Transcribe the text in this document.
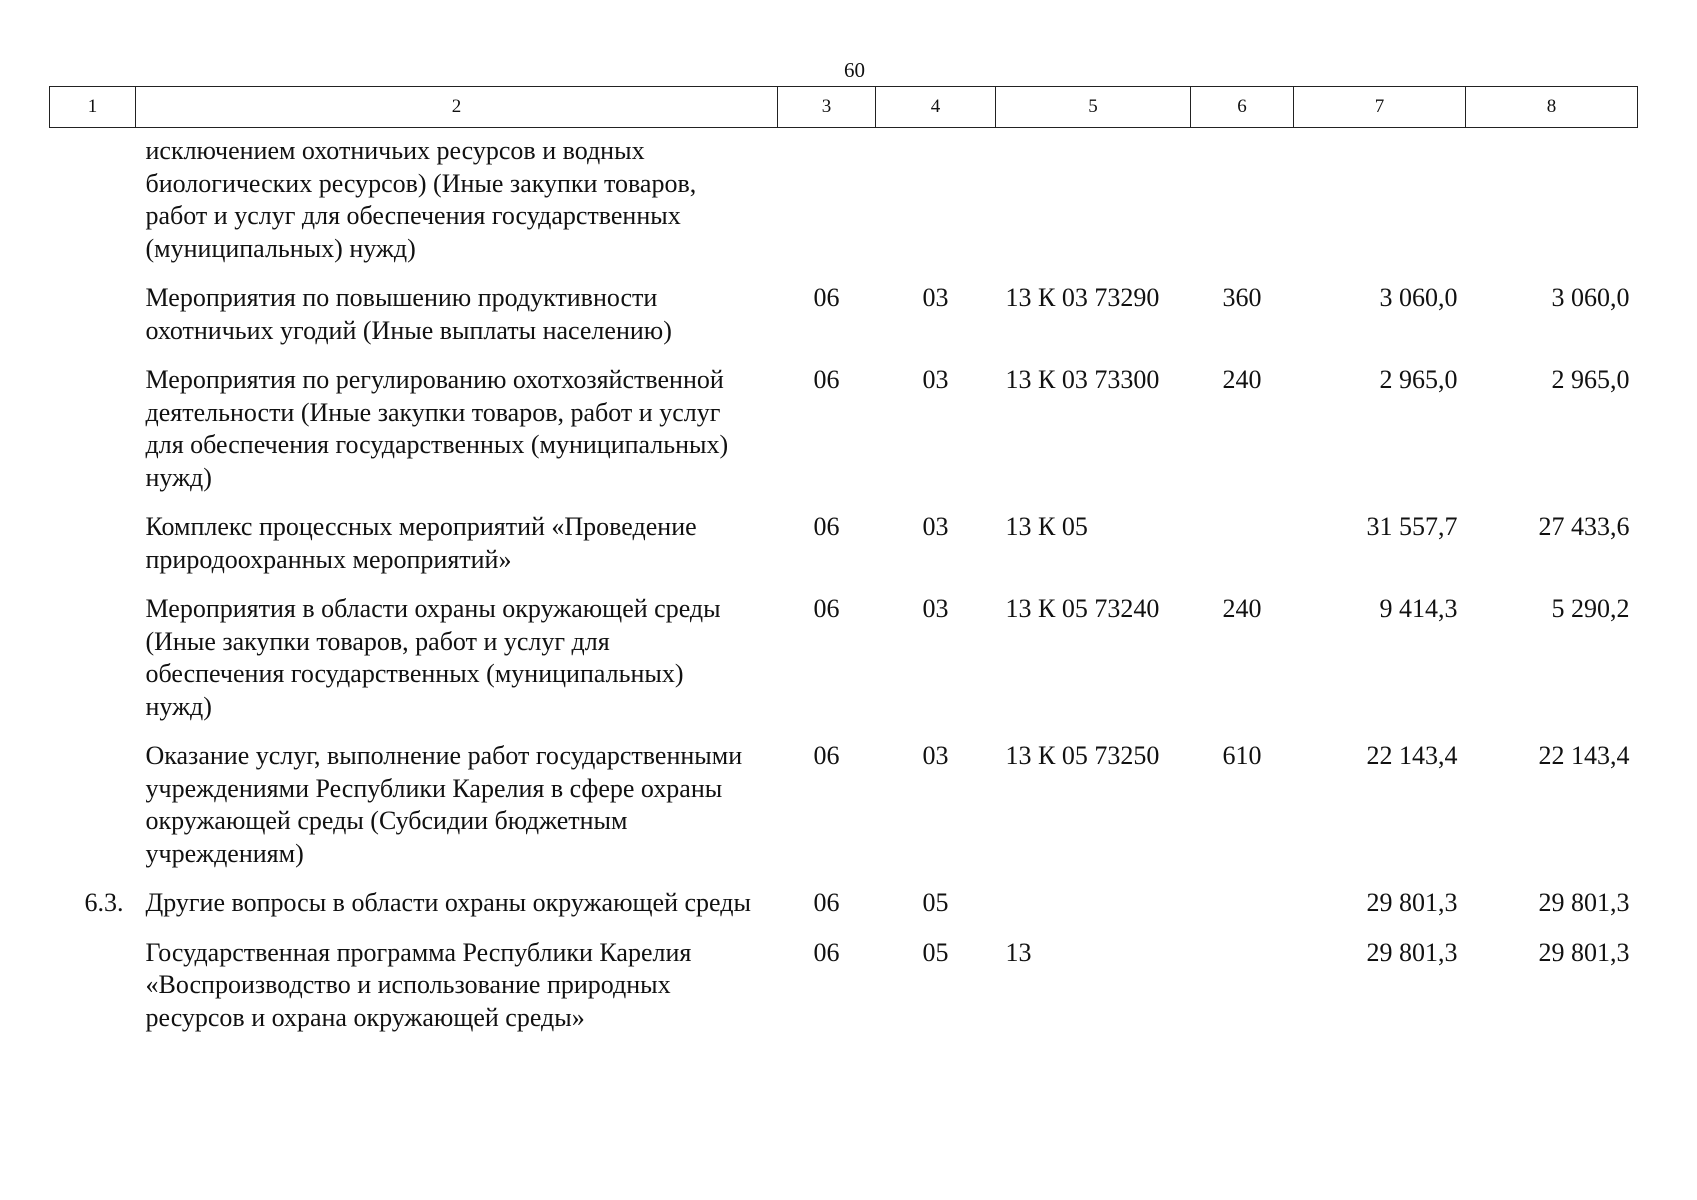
60
1	2	3	4	5	6	7	8
	исключением охотничьих ресурсов и водных биологических ресурсов) (Иные закупки товаров, работ и услуг для обеспечения государственных (муниципальных) нужд)						
	Мероприятия по повышению продуктивности охотничьих угодий (Иные выплаты населению)	06	03	13 К 03 73290	360	3 060,0	3 060,0
	Мероприятия по регулированию охотхозяйственной деятельности (Иные закупки товаров, работ и услуг для обеспечения государственных (муниципальных) нужд)	06	03	13 К 03 73300	240	2 965,0	2 965,0
	Комплекс процессных мероприятий «Проведение природоохранных мероприятий»	06	03	13 К 05		31 557,7	27 433,6
	Мероприятия в области охраны окружающей среды (Иные закупки товаров, работ и услуг для обеспечения государственных (муниципальных) нужд)	06	03	13 К 05 73240	240	9 414,3	5 290,2
	Оказание услуг, выполнение работ государственными учреждениями Республики Карелия в сфере охраны окружающей среды (Субсидии бюджетным учреждениям)	06	03	13 К 05 73250	610	22 143,4	22 143,4
6.3.	Другие вопросы в области охраны окружающей среды	06	05			29 801,3	29 801,3
	Государственная программа Республики Карелия «Воспроизводство и использование природных ресурсов и охрана окружающей среды»	06	05	13		29 801,3	29 801,3
